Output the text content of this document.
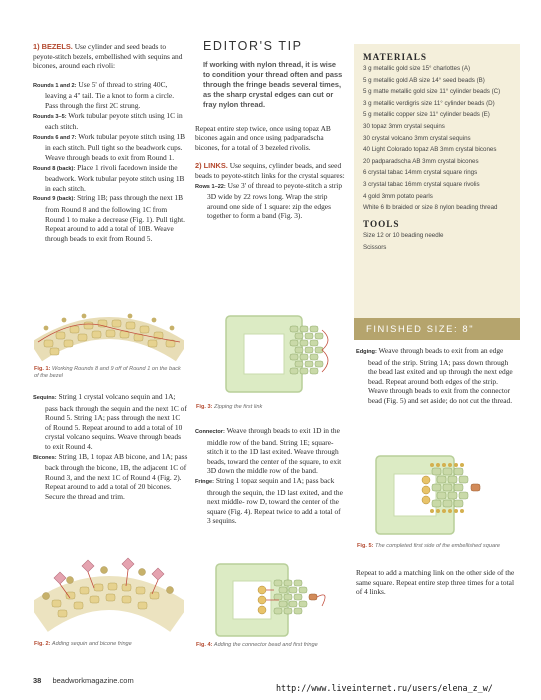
1) BEZELS. Use cylinder and seed beads to peyote-stitch bezels, embellished with sequins and bicones, around each rivoli:

Rounds 1 and 2: Use 5' of thread to string 40C, leaving a 4" tail. Tie a knot to form a circle. Pass through the first 2C strung.

Rounds 3–5: Work tubular peyote stitch using 1C in each stitch.

Rounds 6 and 7: Work tubular peyote stitch using 1B in each stitch. Pull tight so the beadwork cups. Weave through beads to exit from Round 1.

Round 8 (back): Place 1 rivoli facedown inside the beadwork. Work tubular peyote stitch using 1B in each stitch.

Round 9 (back): String 1B; pass through the next 1B from Round 8 and the following 1C from Round 1 to make a decrease (Fig. 1). Pull tight. Repeat around to add a total of 10B. Weave through beads to exit from Round 5.

Fig. 1: Working Rounds 8 and 9 off of Round 1 on the back of the bezel

Sequins: String 1 crystal volcano sequin and 1A; pass back through the sequin and the next 1C of Round 5. String 1A; pass through the next 1C of Round 5. Repeat around to add a total of 10 crystal volcano sequins. Weave through beads to exit Round 4.

Bicones: String 1B, 1 topaz AB bicone, and 1A; pass back through the bicone, 1B, the adjacent 1C of Round 3, and the next 1C of Round 4 (Fig. 2). Repeat around to add a total of 20 bicones. Secure the thread and trim.

Fig. 2: Adding sequin and bicone fringe
EDITOR'S TIP
If working with nylon thread, it is wise to condition your thread often and pass through the fringe beads several times, as the sharp crystal edges can cut or fray nylon thread.

Repeat entire step twice, once using topaz AB bicones again and once using padparadscha bicones, for a total of 3 bezeled rivolis.

2) LINKS. Use sequins, cylinder beads, and seed beads to peyote-stitch links for the crystal squares:

Rows 1–22: Use 3' of thread to peyote-stitch a strip 3D wide by 22 rows long. Wrap the strip around one side of 1 square: zip the edges together to form a band (Fig. 3).

Fig. 3: Zipping the first link

Connector: Weave through beads to exit 1D in the middle row of the band. String 1E; square-stitch it to the 1D last exited. Weave through beads, toward the center of the square, to exit 3D down the middle row of the band.

Fringe: String 1 topaz sequin and 1A; pass back through the sequin, the 1D last exited, and the next middle- row D, toward the center of the square (Fig. 4). Repeat twice to add a total of 3 sequins.

Fig. 4: Adding the connector bead and first fringe
MATERIALS
3 g metallic gold size 15° charlottes (A)
5 g metallic gold AB size 14° seed beads (B)
5 g matte metallic gold size 11° cylinder beads (C)
3 g metallic verdigris size 11° cylinder beads (D)
5 g metallic copper size 11° cylinder beads (E)
30 topaz 3mm crystal sequins
30 crystal volcano 3mm crystal sequins
40 Light Colorado topaz AB 3mm crystal bicones
20 padparadscha AB 3mm crystal bicones
6 crystal tabac 14mm crystal square rings
3 crystal tabac 16mm crystal square rivolis
4 gold 3mm potato pearls
White 6 lb braided or size 8 nylon beading thread
TOOLS
Size 12 or 10 beading needle
Scissors
FINISHED SIZE: 8"

Edging: Weave through beads to exit from an edge bead of the strip. String 1A; pass down through the bead last exited and up through the next edge bead. Repeat around both edges of the strip. Weave through beads to exit from the connector bead (Fig. 5) and set aside; do not cut the thread.

Fig. 5: The completed first side of the embellished square

Repeat to add a matching link on the other side of the same square. Repeat entire step three times for a total of 4 links.

38 beadworkmagazine.com
http://www.liveinternet.ru/users/elena_z_w/
